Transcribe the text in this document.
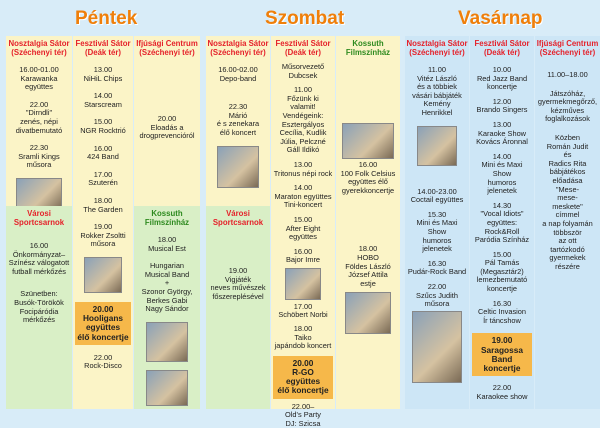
Péntek	Szombat	Vasárnap
Nosztalgia Sátor
(Széchenyi tér)
16.00-01.00
Karawanka
együttes
22.00
"Dirndli"
zenés, népi
divatbemutató
22.30
Sramli Kings
műsora
Városi
Sportcsarnok
16.00
Önkormányzat–
Színész válogatott
futball mérkőzés
Szünetben:
Busók-Törökök
Focipáródia
mérkőzés
Fesztivál Sátor
(Deák tér)
13.00
NiHiL Chips
14.00
Starscream
15.00
NGR Rocktrió
16.00
424 Band
17.00
Szuterén
18.00
The Garden
19.00
Rokker Zsoltti
műsora
20.00
Hooligans
együttes
élő koncertje
22.00
Rock-Disco
Ifjúsági Centrum
(Széchenyi tér)
20.00
Eloadás a
drogprevencióról
Kossuth
Filmszínház
18.00
Musical Est
Hungarian
Musical Band
+
Szonor György,
Berkes Gabi
Nagy Sándor
Nosztalgia Sátor
(Széchenyi tér)
16.00-02.00
Depo-band
22.30
Márió
é s zenekara
élő koncert
Városi
Sportcsarnok
19.00
Vigjáték
neves művészek
főszereplésével
Fesztivál Sátor
(Deák tér)
Műsorvezető
Dubcsek
11.00
Főzünk ki
valamit!
Vendégeink:
Esztergályos
Cecília, Kudlik
Júlia, Pelczné
Gáll Ildikó
13.00
Tritonus népi rock
14.00
Maraton együttes
Tini-koncert
15.00
After Eight
együttes
16.00
Bajor Imre
17.00
Schöbert Norbi
18.00
Taiko
japándob koncert
20.00
R-GO együttes
élő koncertje
22.00–
Old's Party
DJ: Szicsa
Kossuth
Filmszínház
16.00
100 Folk Celsius
együttes élő
gyerekkoncertje
18.00
HOBO
Földes László
József Attila
estje
Nosztalgia Sátor
(Széchenyi tér)
11.00
Vitéz László
és a többiek
vásári bábjáték
Kemény
Henrikkel
14.00-23.00
Coctail együttes
15.30
Mini és Maxi
Show
humoros
jelenetek
16.30
Pudár-Rock Band
22.00
Szűcs Judith
műsora
Fesztivál Sátor
(Deák tér)
10.00
Red Jazz Band
koncertje
12.00
Brando Singers
13.00
Karaoke Show
Kovács Áronnal
14.00
Mini és Maxi
Show
humoros jelenetek
14.30
"Vocal Idiots"
együttes:
Rock&Roll
Paródia Színház
15.00
Pál Tamás
(Megasztár2)
lemezbemutató
koncertje
16.30
Celtic Invasion
Ír táncshow
19.00
Saragossa
Band
koncertje
22.00
Karaokee show
Ifjúsági Centrum
(Széchenyi tér)
11.00–18.00
Játszóház,
gyermekmegőrző,
kézműves
foglalkozások
Közben
Román Judit
és
Radics Rita
bábjátékos
előadása
"Mese-
mese-
meskete"
címmel
a nap folyamán
többször
az ott
tartózkodó
gyermekek
részére
